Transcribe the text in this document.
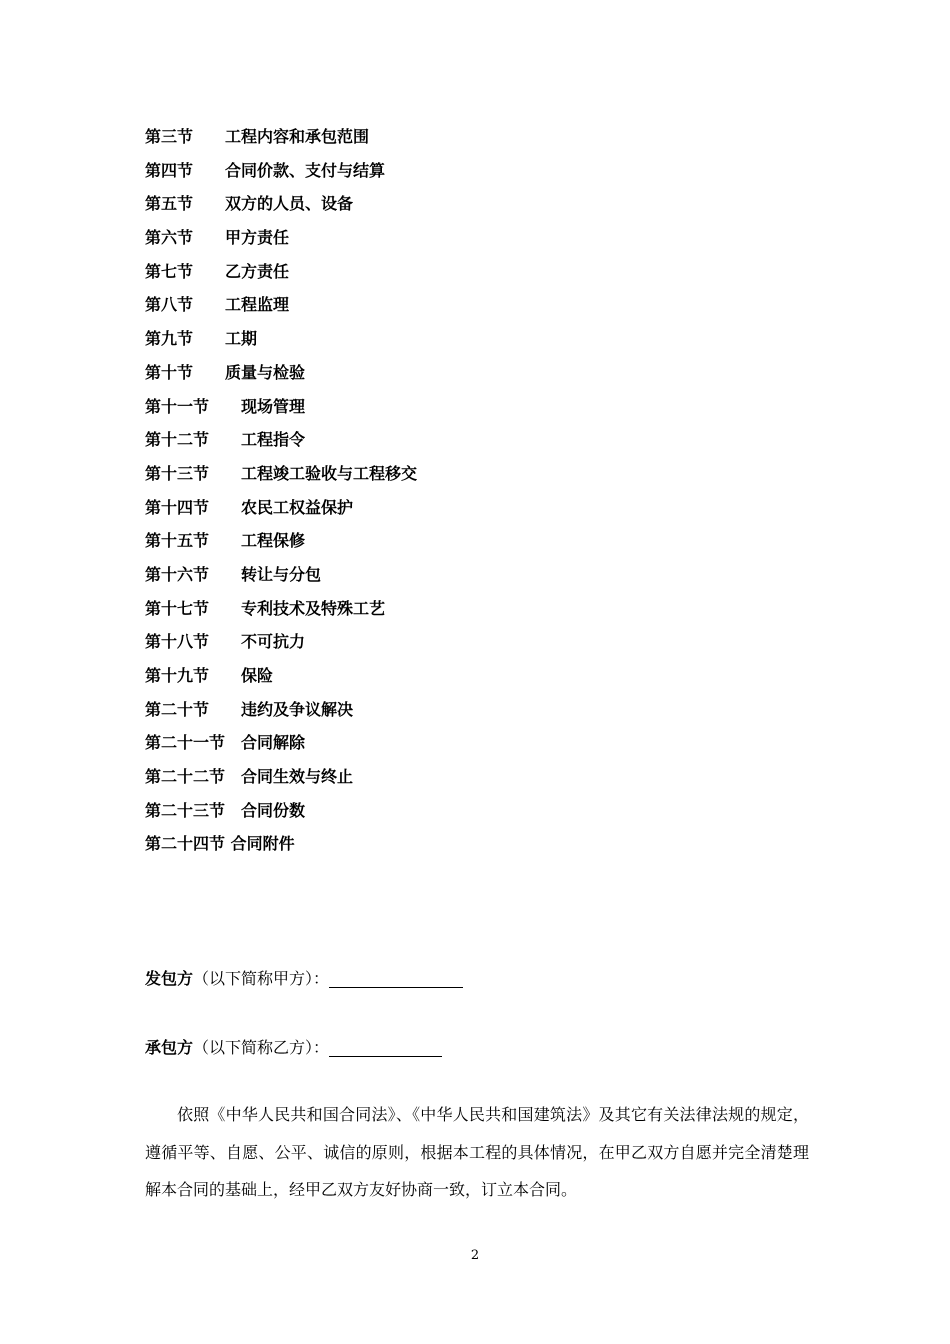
第三节　　 工程内容和承包范围
第四节　　 合同价款、支付与结算
第五节　　 双方的人员、设备
第六节　　 甲方责任
第七节　　 乙方责任
第八节　　 工程监理
第九节　　 工期
第十节　　 质量与检验
第十一节　　 现场管理
第十二节　　 工程指令
第十三节　　 工程竣工验收与工程移交
第十四节　　 农民工权益保护
第十五节　　 工程保修
第十六节　　 转让与分包
第十七节　　 专利技术及特殊工艺
第十八节　　 不可抗力
第十九节　　 保险
第二十节　　 违约及争议解决
第二十一节　 合同解除
第二十二节　 合同生效与终止
第二十三节　 合同份数
第二十四节 合同附件
发包方（以下简称甲方）：
承包方（以下简称乙方）：

依照《中华人民共和国合同法》、《中华人民共和国建筑法》及其它有关法律法规的规定，遵循平等、自愿、公平、诚信的原则，根据本工程的具体情况，在甲乙双方自愿并完全清楚理解本合同的基础上，经甲乙双方友好协商一致，订立本合同。

2
